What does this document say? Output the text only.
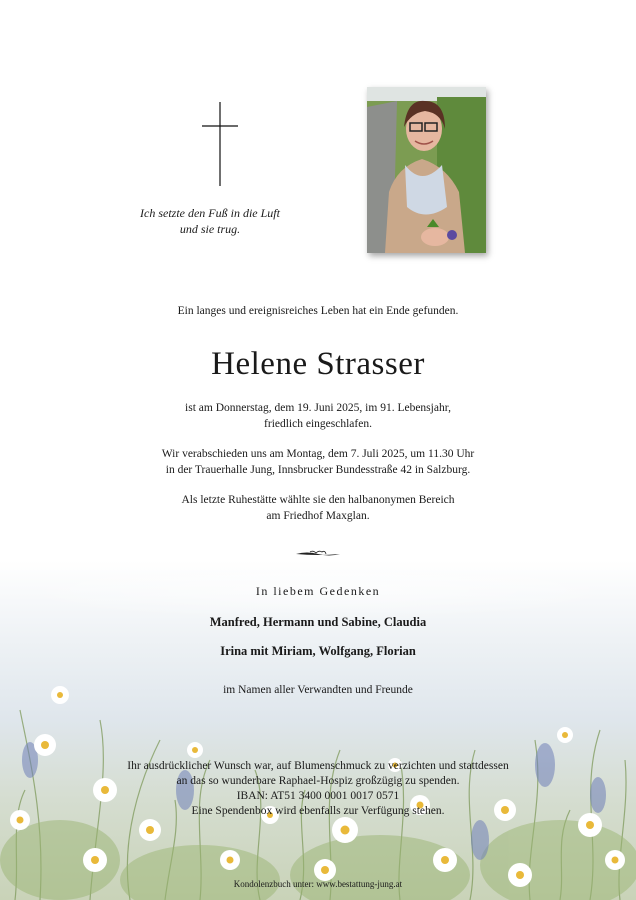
Ich setzte den Fuß in die Luft
und sie trug.
Ein langes und ereignisreiches Leben hat ein Ende gefunden.
Helene Strasser
ist am Donnerstag, dem 19. Juni 2025, im 91. Lebensjahr,
friedlich eingeschlafen.
Wir verabschieden uns am Montag, dem 7. Juli 2025, um 11.30 Uhr
in der Trauerhalle Jung, Innsbrucker Bundesstraße 42 in Salzburg.
Als letzte Ruhestätte wählte sie den halbanonymen Bereich
am Friedhof Maxglan.
In liebem Gedenken
Manfred, Hermann und Sabine, Claudia
Irina mit Miriam, Wolfgang, Florian
im Namen aller Verwandten und Freunde
Ihr ausdrücklicher Wunsch war, auf Blumenschmuck zu verzichten und stattdessen
an das so wunderbare Raphael-Hospiz großzügig zu spenden.
IBAN: AT51 3400 0001 0017 0571
Eine Spendenbox wird ebenfalls zur Verfügung stehen.
Kondolenzbuch unter: www.bestattung-jung.at
